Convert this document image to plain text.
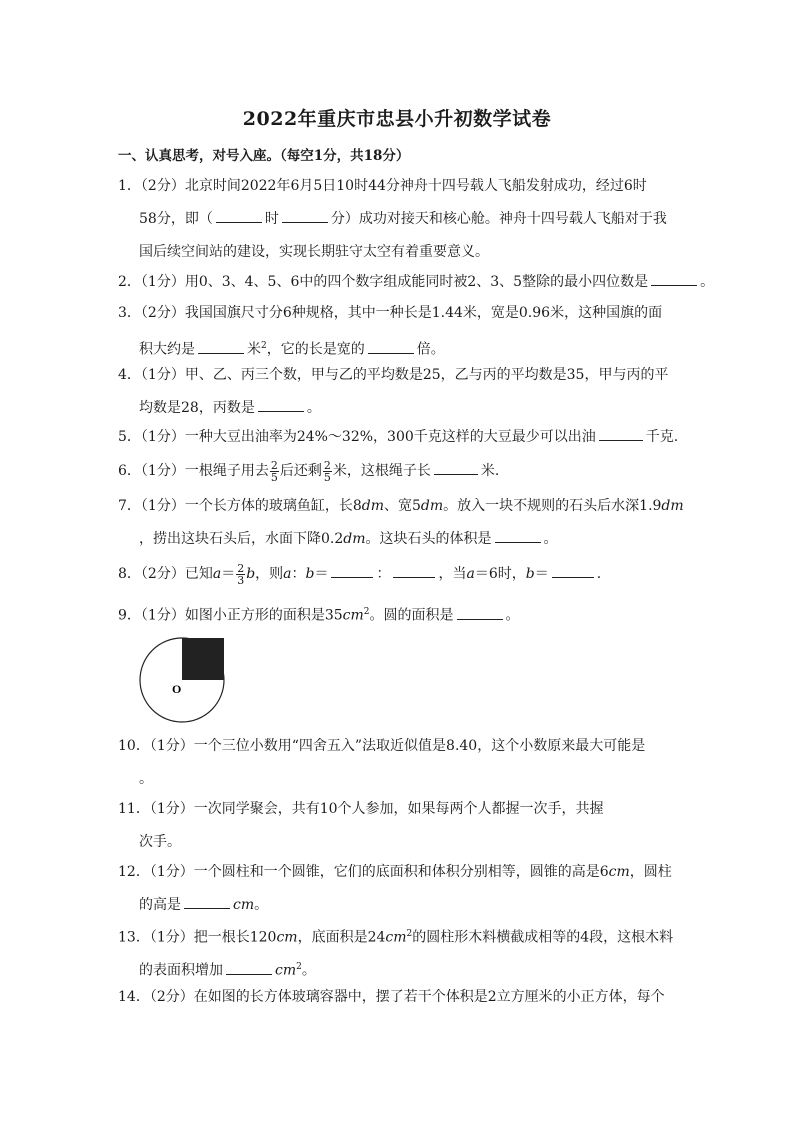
2022年重庆市忠县小升初数学试卷
一、认真思考，对号入座。（每空1分，共18分）
1．（2分）北京时间2022年6月5日10时44分神舟十四号载人飞船发射成功，经过6时
58分，即（	时	分）成功对接天和核心舱。神舟十四号载人飞船对于我
国后续空间站的建设，实现长期驻守太空有着重要意义。
2．（1分）用0、3、4、5、6中的四个数字组成能同时被2、3、5整除的最小四位数是	。
3．（2分）我国国旗尺寸分6种规格，其中一种长是1.44米，宽是0.96米，这种国旗的面
积大约是	米$^2$，它的长是宽的	倍。
4．（1分）甲、乙、丙三个数，甲与乙的平均数是25，乙与丙的平均数是35，甲与丙的平
均数是28，丙数是	。
5．（1分）一种大豆出油率为24%～32%，300千克这样的大豆最少可以出油	千克.
6．（1分）一根绳子用去 $\frac{2}{5}$ 后还剩 $\frac{2}{5}$ 米，这根绳子长	米.
7．（1分）一个长方体的玻璃鱼缸，长8dm、宽5dm。放入一块不规则的石头后水深1.9dm
，捞出这块石头后，水面下降0.2dm。这块石头的体积是	。
8．（2分）已知$a= \frac{2}{3}$ b，则a：b＝	：	，当a＝6时，b＝	.
9．（1分）如图小正方形的面积是$35cm^2$。圆的面积是	。
O
10．（1分）一个三位小数用“四舍五入”法取近似值是8.40，这个小数原来最大可能是
。
11．（1分）一次同学聚会，共有10个人参加，如果每两个人都握一次手，共握
次手。
12．（1分）一个圆柱和一个圆锥，它们的底面积和体积分别相等，圆锥的高是6cm，圆柱
的高是	cm。
13．（1分）把一根长120cm，底面积是$24cm^2$的圆柱形木料横截成相等的4段，这根木料
的表面积增加	$cm^2$。
14．（2分）在如图的长方体玻璃容器中，摆了若干个体积是2立方厘米的小正方体，每个
